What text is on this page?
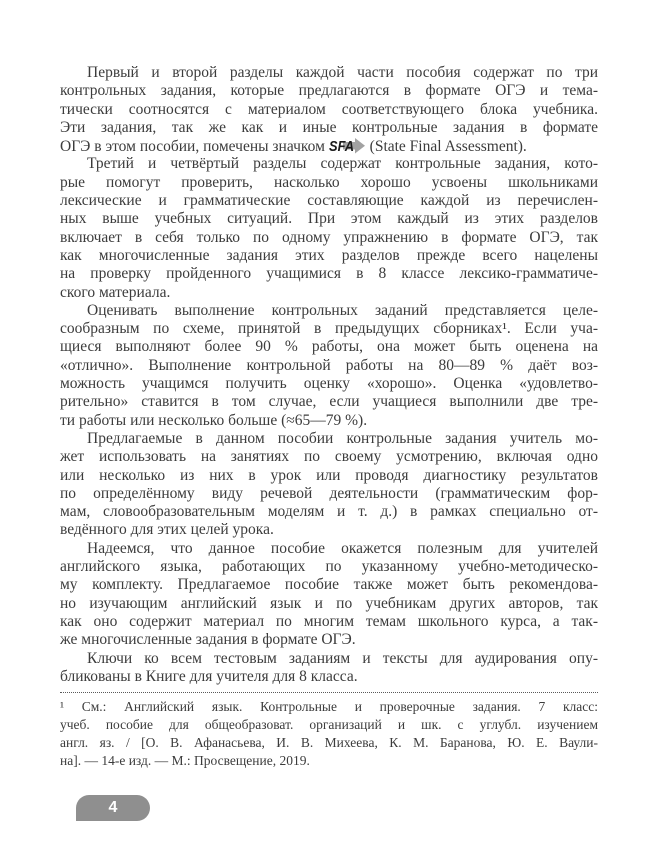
Первый и второй разделы каждой части пособия содержат по три
контрольных задания, которые предлагаются в формате ОГЭ и тема-
тически соотносятся с материалом соответствующего блока учебника.
Эти задания, так же как и иные контрольные задания в формате
ОГЭ в этом пособии, помечены значком SFA (State Final Assessment).
Третий и четвёртый разделы содержат контрольные задания, кото-
рые помогут проверить, насколько хорошо усвоены школьниками
лексические и грамматические составляющие каждой из перечислен-
ных выше учебных ситуаций. При этом каждый из этих разделов
включает в себя только по одному упражнению в формате ОГЭ, так
как многочисленные задания этих разделов прежде всего нацелены
на проверку пройденного учащимися в 8 классе лексико-грамматиче-
ского материала.
Оценивать выполнение контрольных заданий представляется целе-
сообразным по схеме, принятой в предыдущих сборниках¹. Если уча-
щиеся выполняют более 90 % работы, она может быть оценена на
«отлично». Выполнение контрольной работы на 80—89 % даёт воз-
можность учащимся получить оценку «хорошо». Оценка «удовлетво-
рительно» ставится в том случае, если учащиеся выполнили две тре-
ти работы или несколько больше (≈65—79 %).
Предлагаемые в данном пособии контрольные задания учитель мо-
жет использовать на занятиях по своему усмотрению, включая одно
или несколько из них в урок или проводя диагностику результатов
по определённому виду речевой деятельности (грамматическим фор-
мам, словообразовательным моделям и т. д.) в рамках специально от-
ведённого для этих целей урока.
Надеемся, что данное пособие окажется полезным для учителей
английского языка, работающих по указанному учебно-методическо-
му комплекту. Предлагаемое пособие также может быть рекомендова-
но изучающим английский язык и по учебникам других авторов, так
как оно содержит материал по многим темам школьного курса, а так-
же многочисленные задания в формате ОГЭ.
Ключи ко всем тестовым заданиям и тексты для аудирования опу-
бликованы в Книге для учителя для 8 класса.
¹ См.: Английский язык. Контрольные и проверочные задания. 7 класс:
учеб. пособие для общеобразоват. организаций и шк. с углубл. изучением
англ. яз. / [О. В. Афанасьева, И. В. Михеева, К. М. Баранова, Ю. Е. Ваули-
на]. — 14-е изд. — М.: Просвещение, 2019.
4
